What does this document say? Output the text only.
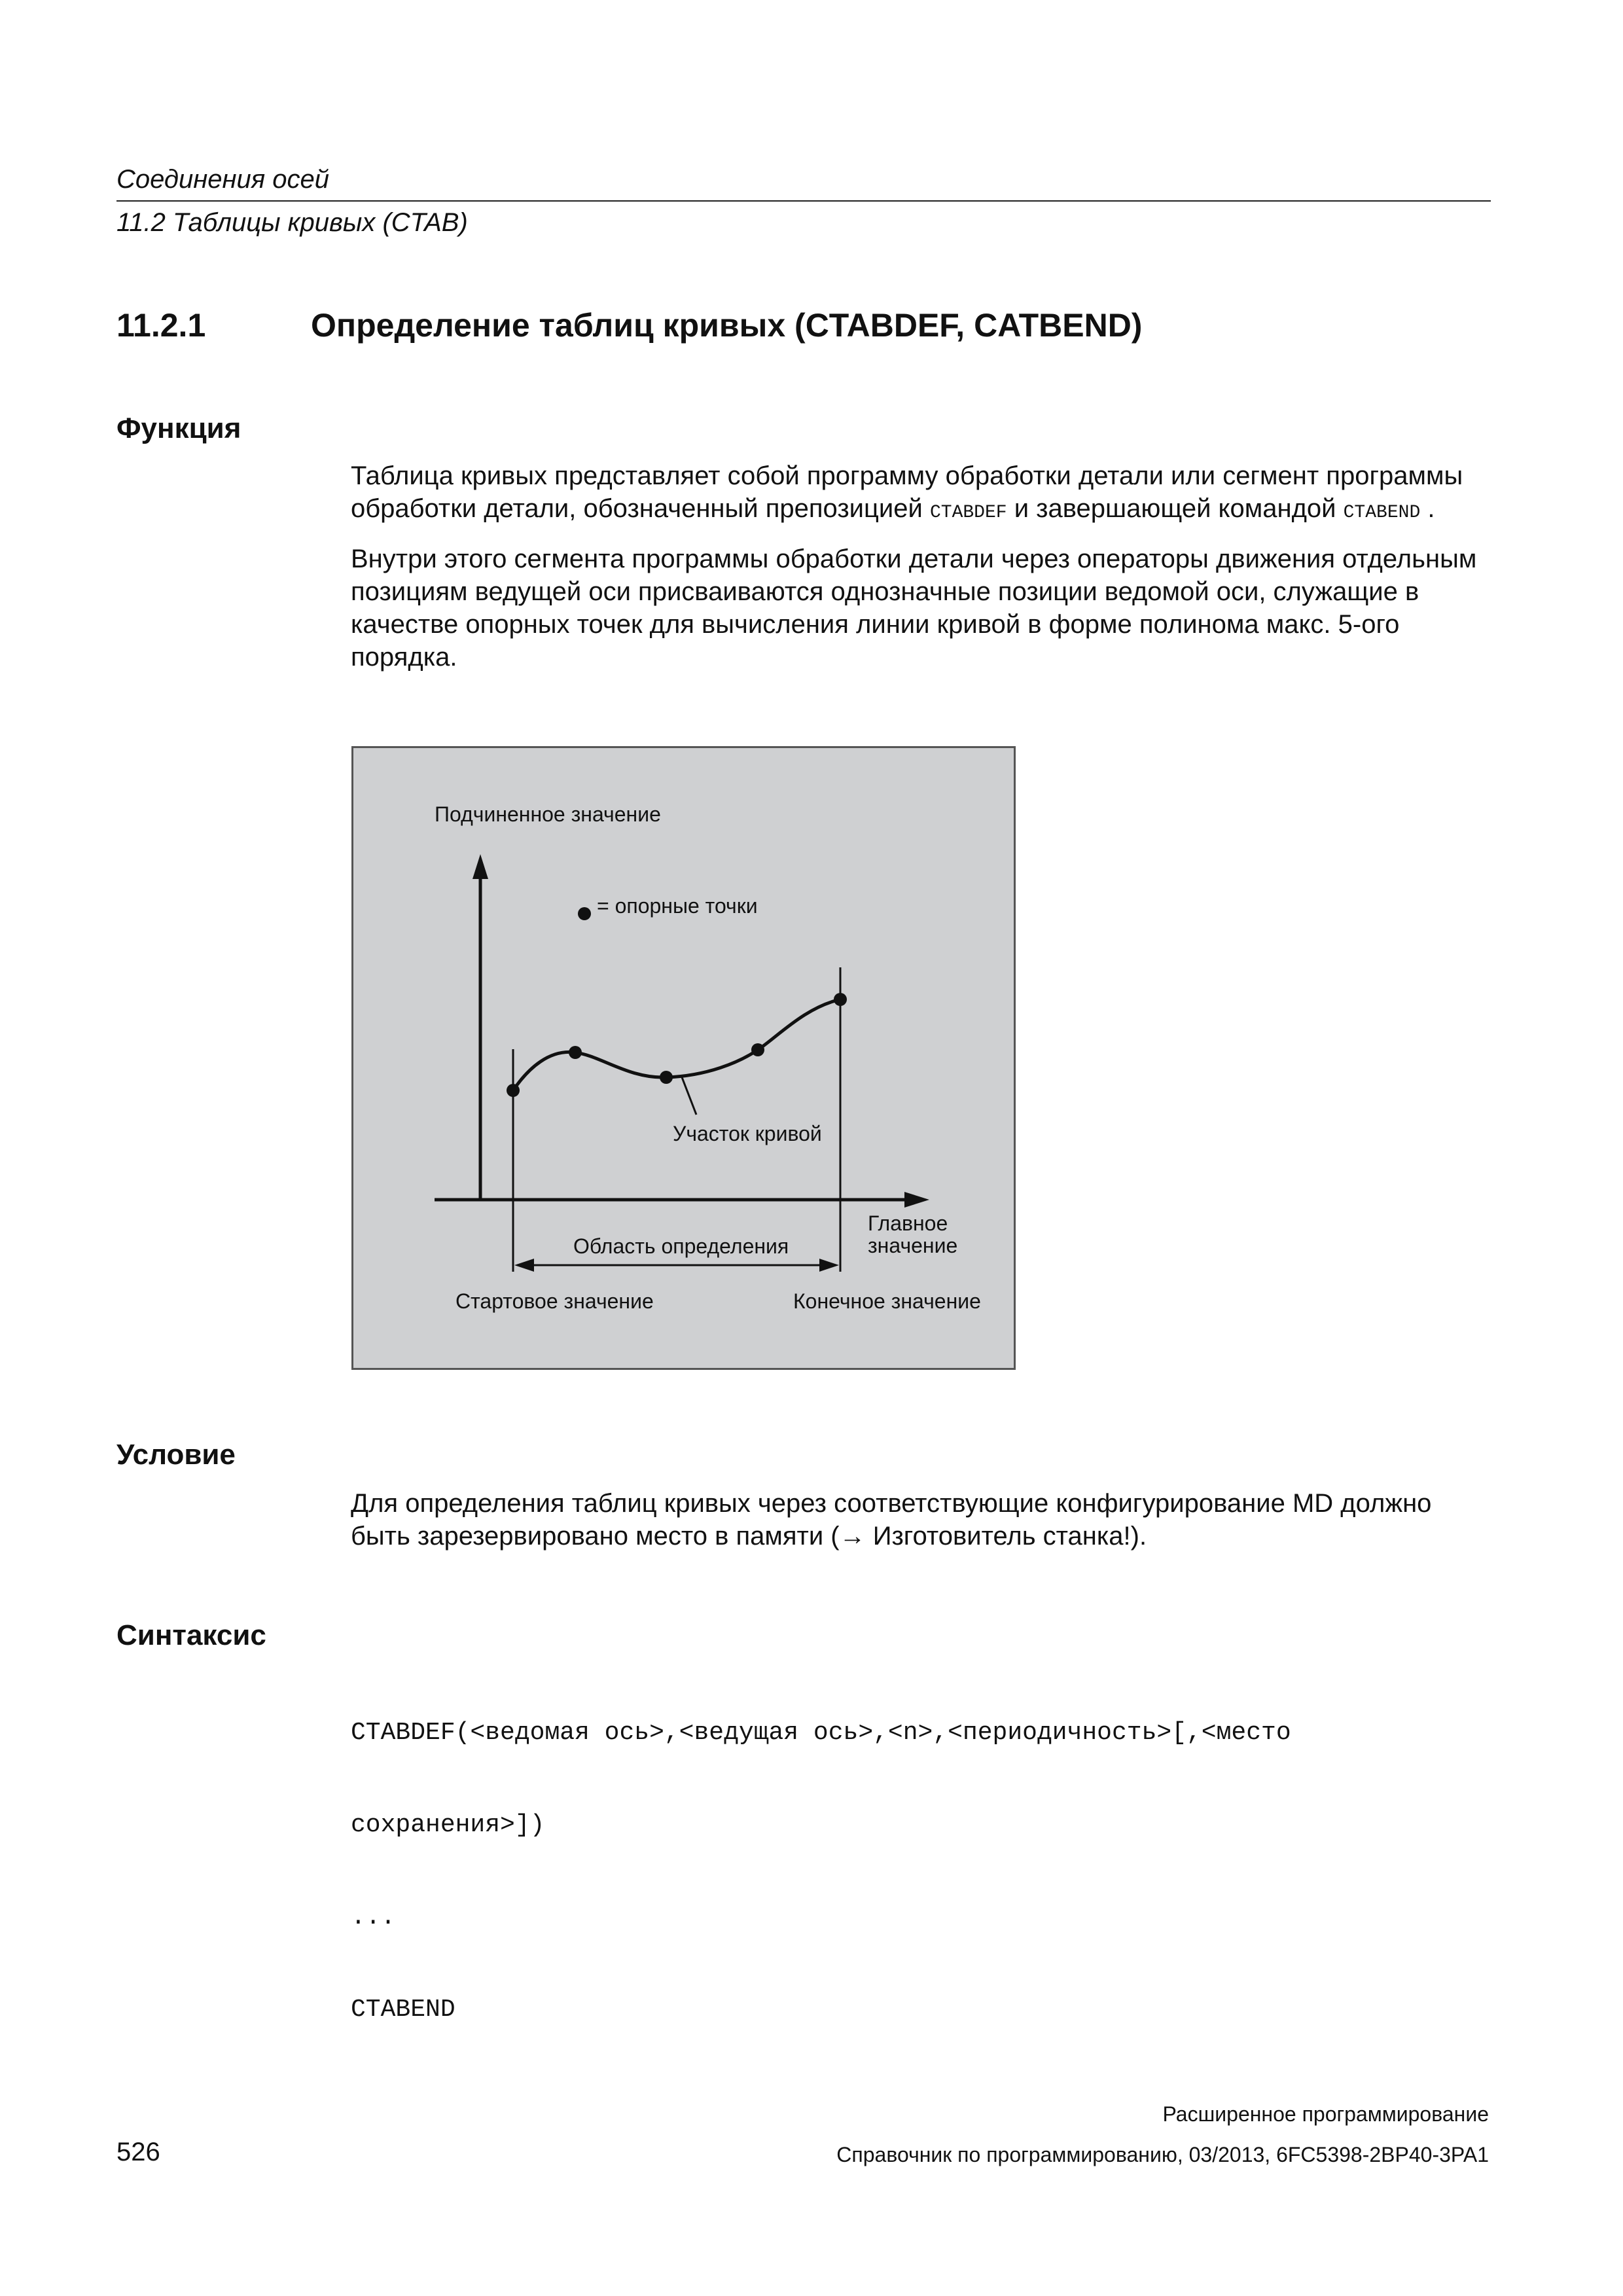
Соединения осей
11.2 Таблицы кривых (CTAB)
11.2.1	Определение таблиц кривых (CTABDEF, CATBEND)
Функция

Таблица кривых представляет собой программу обработки детали или сегмент программы обработки детали, обозначенный препозицией CTABDEF и завершающей командой CTABEND .

Внутри этого сегмента программы обработки детали через операторы движения отдельным позициям ведущей оси присваиваются однозначные позиции ведомой оси, служащие в качестве опорных точек для вычисления линии кривой в форме полинома макс. 5-ого порядка.

Подчиненное значение
= опорные точки
Участок кривой
Область определения
Главное
значение
Стартовое значение	Конечное значение
Условие

Для определения таблиц кривых через соответствующие конфигурирование MD должно быть зарезервировано место в памяти (→ Изготовитель станка!).

Синтаксис

CTABDEF(<ведомая ось>,<ведущая ось>,<n>,<периодичность>[,<место

сохранения>])

...

CTABEND

Расширенное программирование
526	Справочник по программированию, 03/2013, 6FC5398-2BP40-3PA1
